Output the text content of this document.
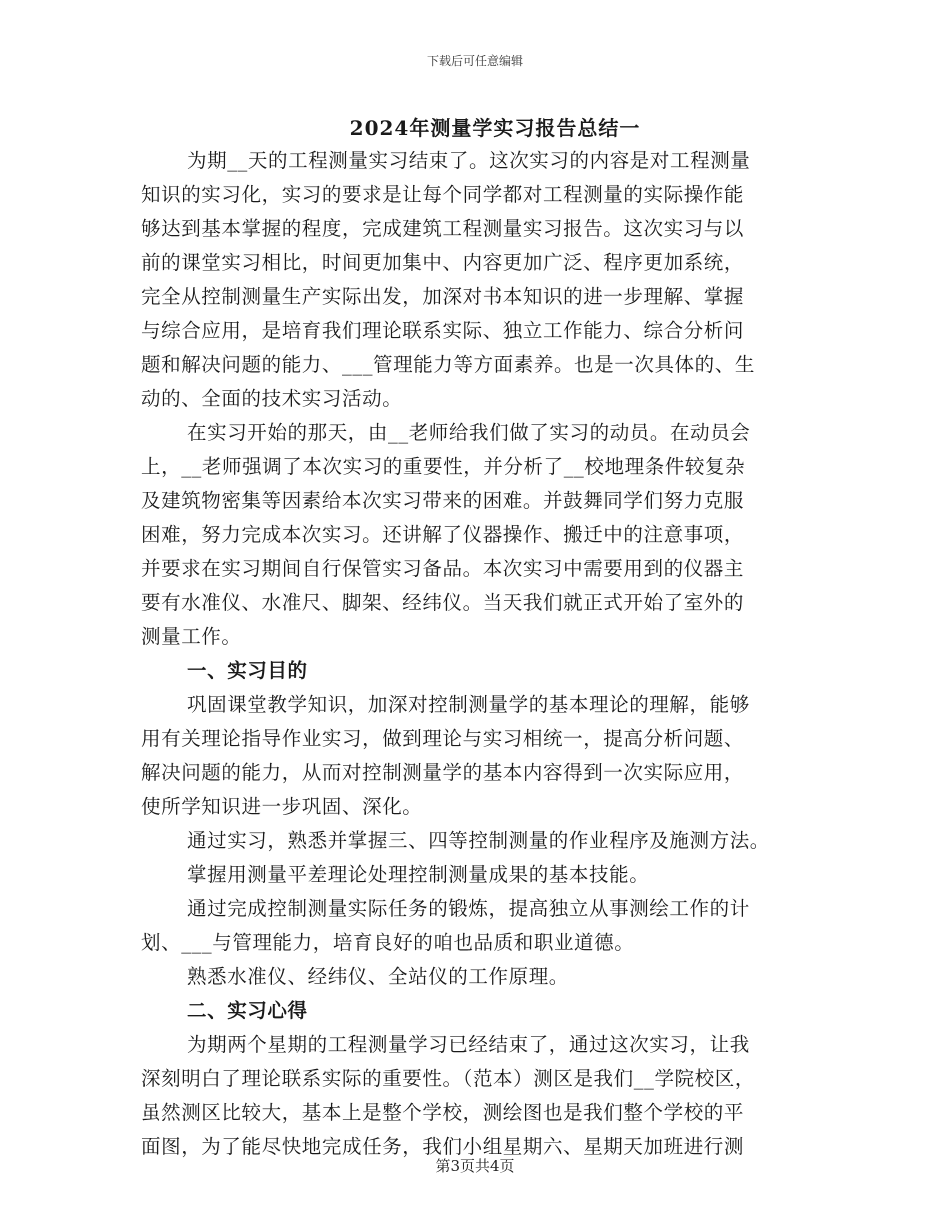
下载后可任意编辑
2024年测量学实习报告总结一
为期__天的工程测量实习结束了。这次实习的内容是对工程测量
知识的实习化，实习的要求是让每个同学都对工程测量的实际操作能
够达到基本掌握的程度，完成建筑工程测量实习报告。这次实习与以
前的课堂实习相比，时间更加集中、内容更加广泛、程序更加系统，
完全从控制测量生产实际出发，加深对书本知识的进一步理解、掌握
与综合应用，是培育我们理论联系实际、独立工作能力、综合分析问
题和解决问题的能力、___管理能力等方面素养。也是一次具体的、生
动的、全面的技术实习活动。
在实习开始的那天，由__老师给我们做了实习的动员。在动员会
上，__老师强调了本次实习的重要性，并分析了__校地理条件较复杂
及建筑物密集等因素给本次实习带来的困难。并鼓舞同学们努力克服
困难，努力完成本次实习。还讲解了仪器操作、搬迁中的注意事项，
并要求在实习期间自行保管实习备品。本次实习中需要用到的仪器主
要有水准仪、水准尺、脚架、经纬仪。当天我们就正式开始了室外的
测量工作。
一、实习目的
巩固课堂教学知识，加深对控制测量学的基本理论的理解，能够
用有关理论指导作业实习，做到理论与实习相统一，提高分析问题、
解决问题的能力，从而对控制测量学的基本内容得到一次实际应用，
使所学知识进一步巩固、深化。
通过实习，熟悉并掌握三、四等控制测量的作业程序及施测方法。
掌握用测量平差理论处理控制测量成果的基本技能。
通过完成控制测量实际任务的锻炼，提高独立从事测绘工作的计
划、___与管理能力，培育良好的咱也品质和职业道德。
熟悉水准仪、经纬仪、全站仪的工作原理。
二、实习心得
为期两个星期的工程测量学习已经结束了，通过这次实习，让我
深刻明白了理论联系实际的重要性。（范本）测区是我们__学院校区，
虽然测区比较大，基本上是整个学校，测绘图也是我们整个学校的平
面图，为了能尽快地完成任务，我们小组星期六、星期天加班进行测
第3页共4页
